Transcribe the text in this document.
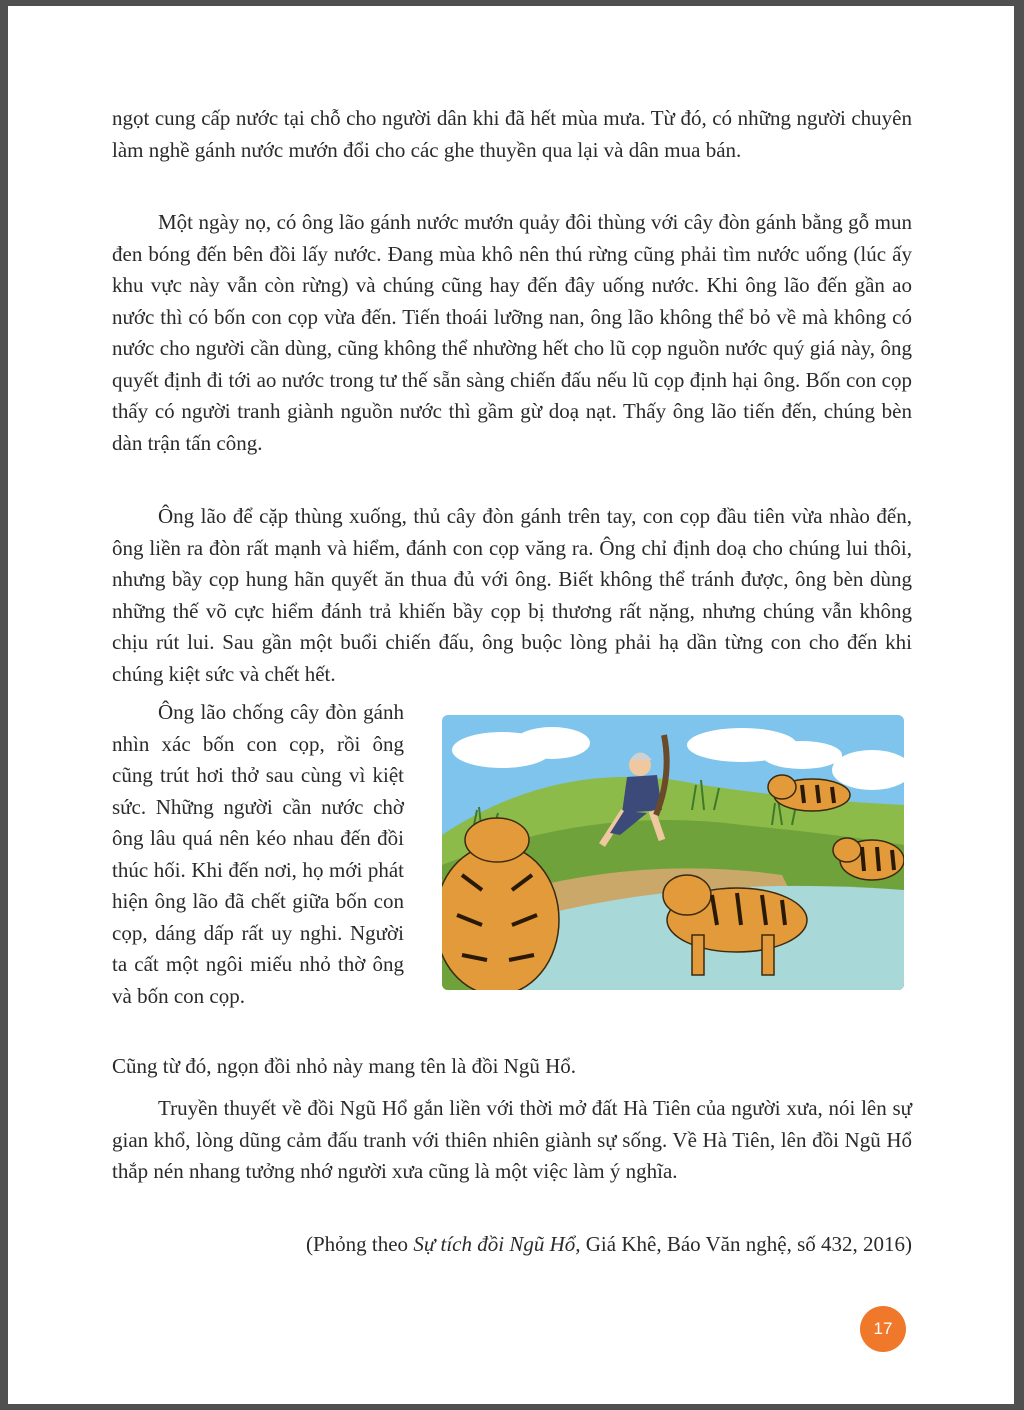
ngọt cung cấp nước tại chỗ cho người dân khi đã hết mùa mưa. Từ đó, có những người chuyên làm nghề gánh nước mướn đổi cho các ghe thuyền qua lại và dân mua bán.

Một ngày nọ, có ông lão gánh nước mướn quảy đôi thùng với cây đòn gánh bằng gỗ mun đen bóng đến bên đồi lấy nước. Đang mùa khô nên thú rừng cũng phải tìm nước uống (lúc ấy khu vực này vẫn còn rừng) và chúng cũng hay đến đây uống nước. Khi ông lão đến gần ao nước thì có bốn con cọp vừa đến. Tiến thoái lưỡng nan, ông lão không thể bỏ về mà không có nước cho người cần dùng, cũng không thể nhường hết cho lũ cọp nguồn nước quý giá này, ông quyết định đi tới ao nước trong tư thế sẵn sàng chiến đấu nếu lũ cọp định hại ông. Bốn con cọp thấy có người tranh giành nguồn nước thì gầm gừ doạ nạt. Thấy ông lão tiến đến, chúng bèn dàn trận tấn công.

Ông lão để cặp thùng xuống, thủ cây đòn gánh trên tay, con cọp đầu tiên vừa nhào đến, ông liền ra đòn rất mạnh và hiểm, đánh con cọp văng ra. Ông chỉ định doạ cho chúng lui thôi, nhưng bầy cọp hung hãn quyết ăn thua đủ với ông. Biết không thể tránh được, ông bèn dùng những thế võ cực hiểm đánh trả khiến bầy cọp bị thương rất nặng, nhưng chúng vẫn không chịu rút lui. Sau gần một buổi chiến đấu, ông buộc lòng phải hạ dần từng con cho đến khi chúng kiệt sức và chết hết.

Ông lão chống cây đòn gánh nhìn xác bốn con cọp, rồi ông cũng trút hơi thở sau cùng vì kiệt sức. Những người cần nước chờ ông lâu quá nên kéo nhau đến đồi thúc hối. Khi đến nơi, họ mới phát hiện ông lão đã chết giữa bốn con cọp, dáng dấp rất uy nghi. Người ta cất một ngôi miếu nhỏ thờ ông và bốn con cọp.

Cũng từ đó, ngọn đồi nhỏ này mang tên là đồi Ngũ Hổ.

Truyền thuyết về đồi Ngũ Hổ gắn liền với thời mở đất Hà Tiên của người xưa, nói lên sự gian khổ, lòng dũng cảm đấu tranh với thiên nhiên giành sự sống. Về Hà Tiên, lên đồi Ngũ Hổ thắp nén nhang tưởng nhớ người xưa cũng là một việc làm ý nghĩa.

(Phỏng theo Sự tích đồi Ngũ Hổ, Giá Khê, Báo Văn nghệ, số 432, 2016)

17
